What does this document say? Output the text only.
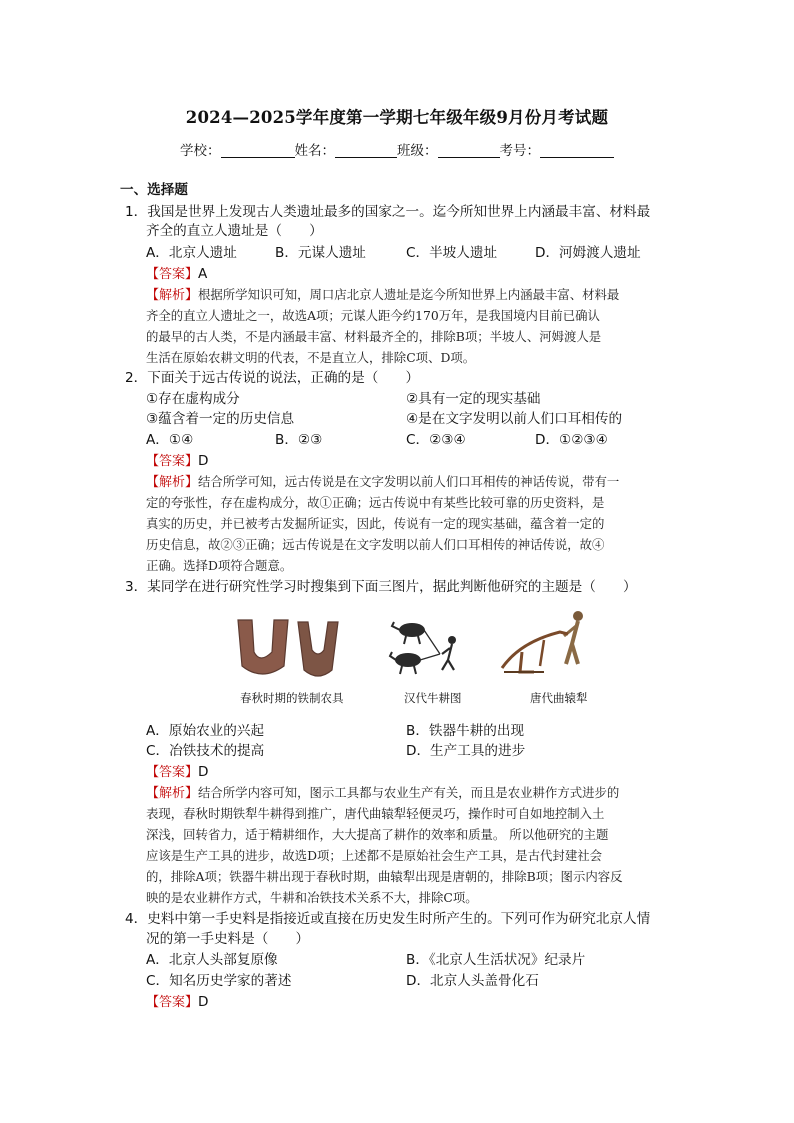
2024—2025学年度第一学期七年级年级9月份月考试题
学校：	姓名：	班级：	考号：
一、选择题
1．我国是世界上发现古人类遗址最多的国家之一。迄今所知世界上内涵最丰富、材料最
齐全的直立人遗址是（　　）
A．北京人遗址	B．元谋人遗址	C．半坡人遗址	D．河姆渡人遗址
【答案】A
【解析】根据所学知识可知，周口店北京人遗址是迄今所知世界上内涵最丰富、材料最
齐全的直立人遗址之一，故选A项；元谋人距今约170万年，是我国境内目前已确认
的最早的古人类，不是内涵最丰富、材料最齐全的，排除B项；半坡人、河姆渡人是
生活在原始农耕文明的代表，不是直立人，排除C项、D项。
2．下面关于远古传说的说法，正确的是（　　）
①存在虚构成分	②具有一定的现实基础
③蕴含着一定的历史信息	④是在文字发明以前人们口耳相传的
A．①④	B．②③	C．②③④	D．①②③④
【答案】D
【解析】结合所学可知，远古传说是在文字发明以前人们口耳相传的神话传说，带有一
定的夸张性，存在虚构成分，故①正确；远古传说中有某些比较可靠的历史资料，是
真实的历史，并已被考古发掘所证实，因此，传说有一定的现实基础，蕴含着一定的
历史信息，故②③正确；远古传说是在文字发明以前人们口耳相传的神话传说，故④
正确。选择D项符合题意。
3．某同学在进行研究性学习时搜集到下面三图片，据此判断他研究的主题是（　　）
春秋时期的铁制农具	汉代牛耕图	唐代曲辕犁
A．原始农业的兴起	B．铁器牛耕的出现
C．冶铁技术的提高	D．生产工具的进步
【答案】D
【解析】结合所学内容可知，图示工具都与农业生产有关，而且是农业耕作方式进步的
表现，春秋时期铁犁牛耕得到推广，唐代曲辕犁轻便灵巧，操作时可自如地控制入土
深浅，回转省力，适于精耕细作，大大提高了耕作的效率和质量。 所以他研究的主题
应该是生产工具的进步，故选D项；上述都不是原始社会生产工具，是古代封建社会
的，排除A项；铁器牛耕出现于春秋时期，曲辕犁出现是唐朝的，排除B项；图示内容反
映的是农业耕作方式，牛耕和冶铁技术关系不大，排除C项。
4．史料中第一手史料是指接近或直接在历史发生时所产生的。下列可作为研究北京人情
况的第一手史料是（　　）
A．北京人头部复原像	B．《北京人生活状况》纪录片
C．知名历史学家的著述	D．北京人头盖骨化石
【答案】D
